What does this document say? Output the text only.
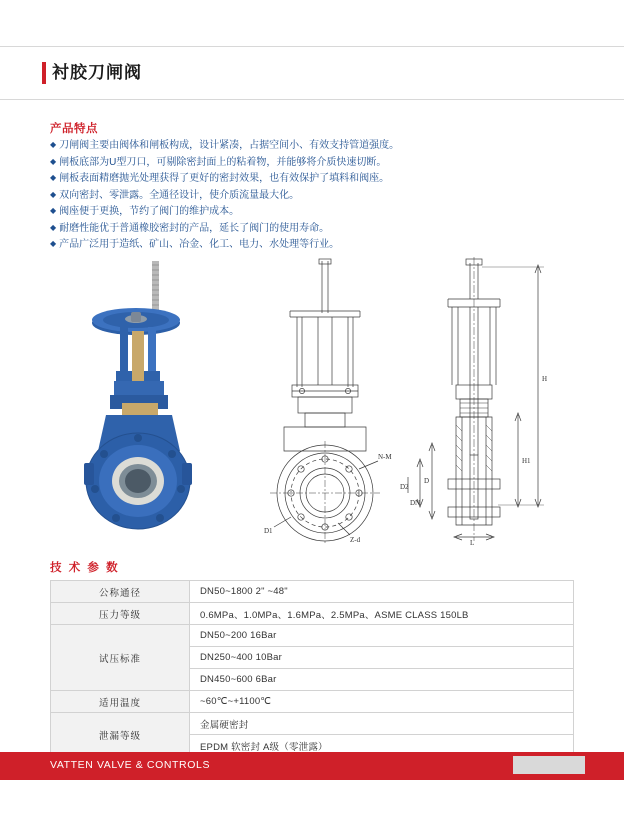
衬胶刀闸阀
产品特点
◆ 刀闸阀主要由阀体和闸板构成，设计紧凑，占据空间小、有效支持管道强度。
◆ 闸板底部为U型刀口，可剔除密封面上的粘着物，并能够将介质快速切断。
◆ 闸板表面精磨抛光处理获得了更好的密封效果，也有效保护了填料和阀座。
◆ 双向密封、零泄露。全通径设计，使介质流量最大化。
◆ 阀座便于更换，节约了阀门的维护成本。
◆ 耐磨性能优于普通橡胶密封的产品，延长了阀门的使用寿命。
◆ 产品广泛用于造纸、矿山、冶金、化工、电力、水处理等行业。
N-M
D1
Z-d
H
H1
D
DN
D2
L
技 术 参 数
公称通径	DN50~1800 2" ~48"
压力等级	0.6MPa、1.0MPa、1.6MPa、2.5MPa、ASME CLASS 150LB
试压标准	DN50~200 16Bar
	DN250~400 10Bar
	DN450~600 6Bar
适用温度	~60℃~+1100℃
泄漏等级	金属硬密封
	EPDM 软密封 A级（零泄露）
VATTEN VALVE & CONTROLS
